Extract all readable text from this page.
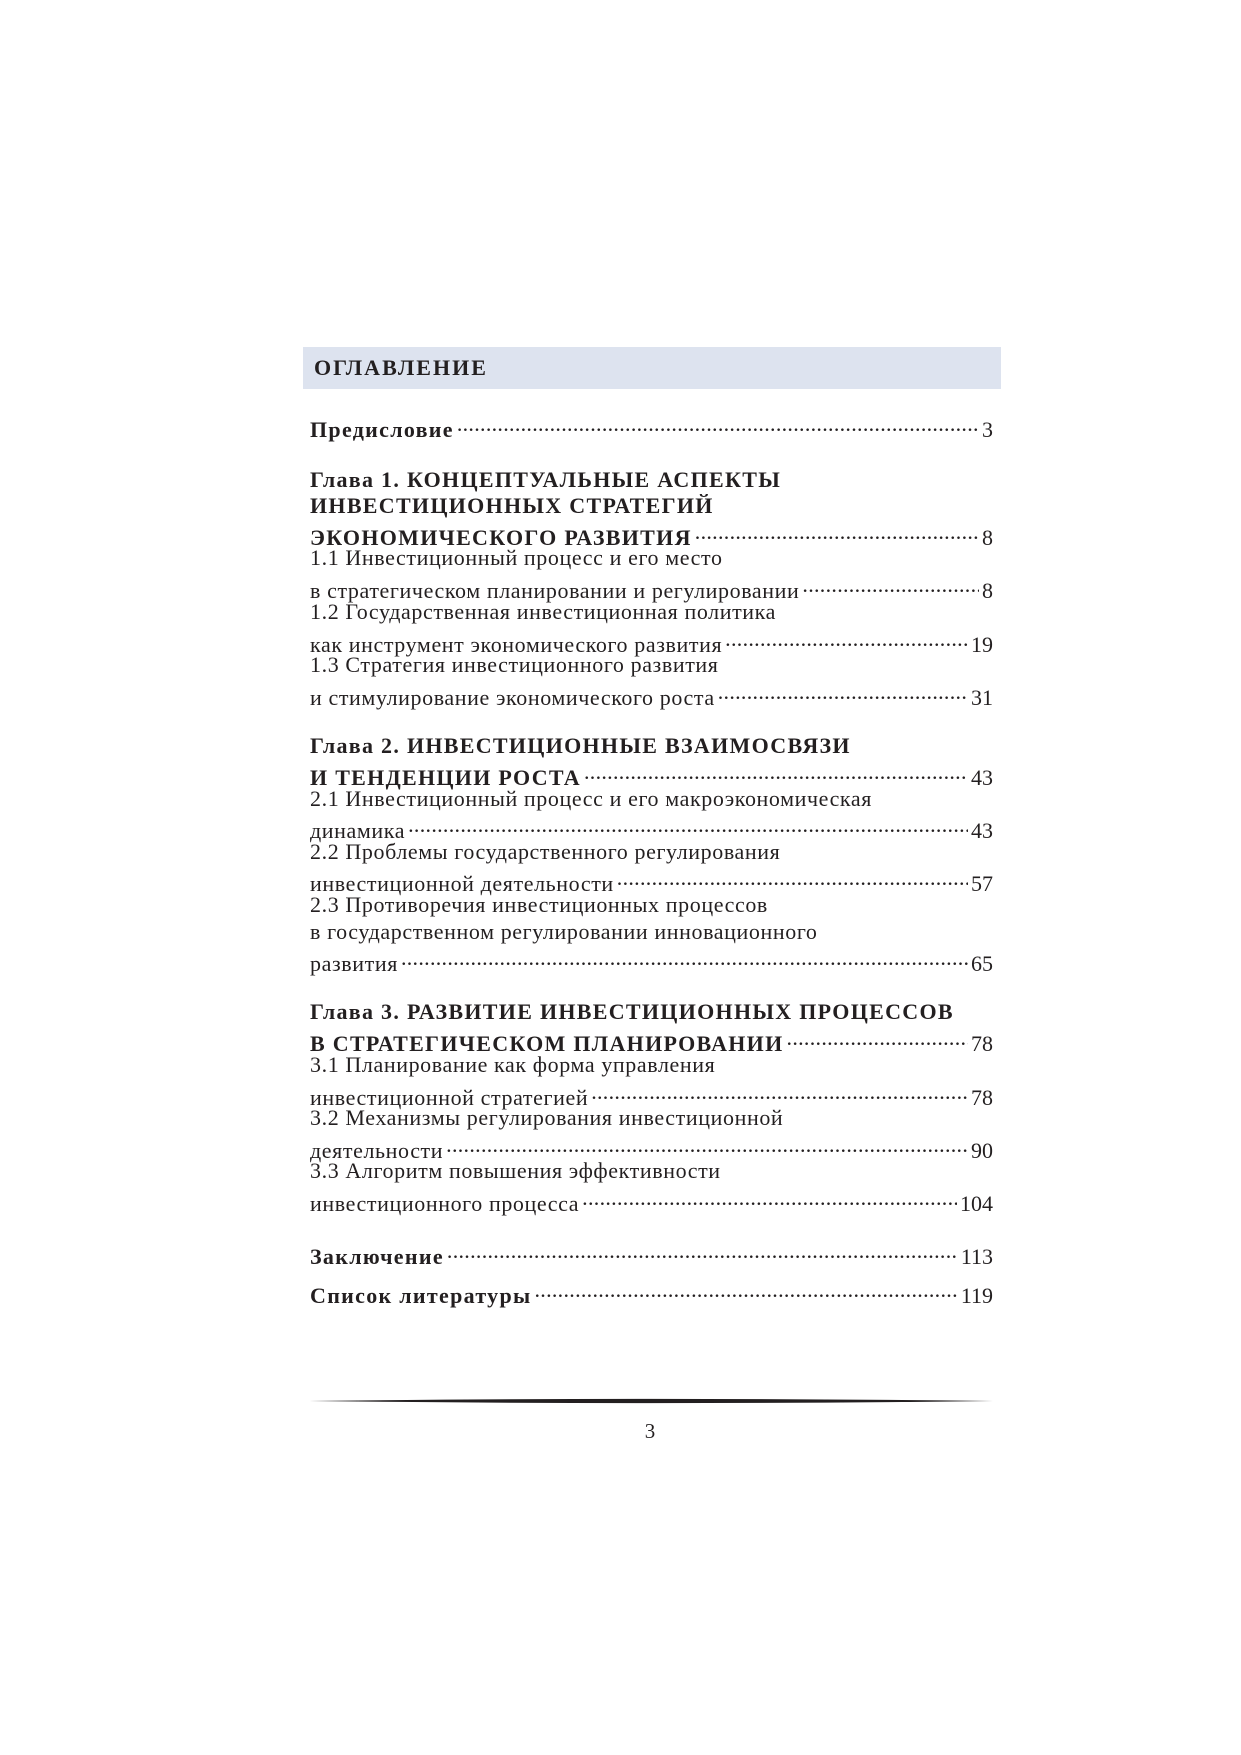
ОГЛАВЛЕНИЕ
Предисловие . . .	3
Глава 1. КОНЦЕПТУАЛЬНЫЕ АСПЕКТЫ
ИНВЕСТИЦИОННЫХ СТРАТЕГИЙ
ЭКОНОМИЧЕСКОГО РАЗВИТИЯ . . .	8
1.1 Инвестиционный процесс и его место
в стратегическом планировании и регулировании . . .	8
1.2 Государственная инвестиционная политика
как инструмент экономического развития . . .	19
1.3 Стратегия инвестиционного развития
и стимулирование экономического роста . . .	31
Глава 2. ИНВЕСТИЦИОННЫЕ ВЗАИМОСВЯЗИ
И ТЕНДЕНЦИИ РОСТА . . .	43
2.1 Инвестиционный процесс и его макроэкономическая
динамика . . .	43
2.2 Проблемы государственного регулирования
инвестиционной деятельности . . .	57
2.3 Противоречия инвестиционных процессов
в государственном регулировании инновационного
развития . . .	65
Глава 3. РАЗВИТИЕ ИНВЕСТИЦИОННЫХ ПРОЦЕССОВ
В СТРАТЕГИЧЕСКОМ ПЛАНИРОВАНИИ . . .	78
3.1 Планирование как форма управления
инвестиционной стратегией . . .	78
3.2 Механизмы регулирования инвестиционной
деятельности . . .	90
3.3 Алгоритм повышения эффективности
инвестиционного процесса . . .	104
Заключение . . .	113
Список литературы . . .	119
3
